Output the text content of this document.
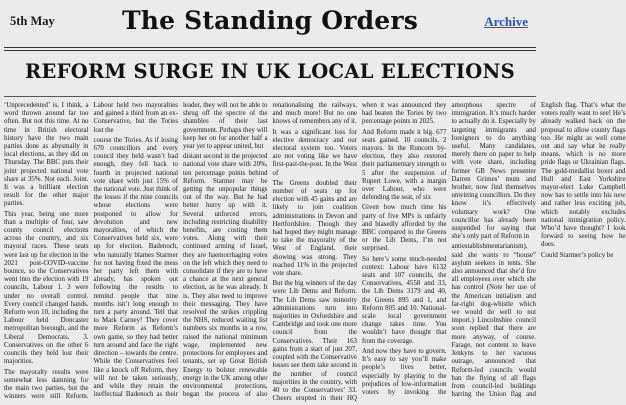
5th May	The Standing Orders	Archive
REFORM SURGE IN UK LOCAL ELECTIONS

‘Unprecedented’ is, I think, a word thrown around far too often. But not this time. At no time in British electoral history have the two main parties done as abysmally in local elections, as they did on Thursday. The BBC puts their joint projected national vote share at 35%. Not each. Joint. It was a brilliant election result for the other major parties.

This year, being one more than a multiple of four, saw county council elections across the country, and six mayoral races. These seats were last up for election in the 2021 post-COVID-vaccine bounce, so the Conservatives went into the election with 19 councils, Labour 1. 3 were under no overall control. Every council changed hands. Reform won 10, including the Labour held Doncaster metropolitan borough, and the Liberal Democrats, 3. Conservatives on the other 6 councils they held lost their majorities.

The mayoralty results were somewhat less damning for the main two parties, but the winners were still Reform. Labour held two mayoralties and gained a third from an ex-Conservative, but the Tories lost the

course the Tories. As if losing 670 councillors and every council they held wasn’t bad enough, they fell back to fourth in projected national vote share with just 15% of the national vote. Just think of the losses if the nine councils whose elections were postponed to allow for devolution and new mayoralties, of which the Conservatives held six, were up for election. Badenoch, who naturally blames Starmer for not having fixed the mess her party left them with already, has spoken out following the results to remind people that nine months isn’t long enough to turn a party around. Tell that to Mark Carney! They cover more Reform as Reform’s own game, so they had better turn around and face the right direction – towards the centre. While the Conservatives feel like a knock off Reform, they will not be taken seriously, and while they retain the ineffectual Badenoch as their leader, they will not be able to shrug off the spectre of the shambles of their last government. Perhaps they will keep her on for another half a year yet to appear united, but

distant second in the projected national vote share with 20%, ten percentage points behind Reform. Starmer may be getting the unpopular things out of the way. But he had better hurry up with it. Several unforced errors, including restricting disability benefits, are costing them votes. Along with their continued arming of Israel, they are haemorrhaging votes on the left which they need to consolidate if they are to have a chance at the next general election, as he was already. It is. They also need to improve their messaging. They have resolved the strikes crippling the NHS, reduced waiting list numbers six months in a row, raised the national minimum wage, implemented new protections for employees and tenants, set up Great British Energy to bolster renewable energy in the UK among other environmental protections, began the process of also renationalising the railways, and much more! But no one knows of remembers any of it.

It was a significant loss for elective democracy and our electoral system too. Voters are not voting like we have first-past-the-post. In the West of

The Greens doubled their number of seats up for election with 45 gains and are likely to join coalition administrations in Devon and Hertfordshire. Though they had hoped they might manage to take the mayoralty of the West of England, their showing was strong. They reached 11% in the projected vote share.

But the big winners of the day were Lib Dems and Reform. The Lib Dems saw minority administrations turn into majorities in Oxfordshire and Cambridge and took one more council from the Conservatives. Their 163 gains from a start of just 207, coupled with the Conservative losses see them take second in the number of council majorities in the country, with 40 to the Conservatives’ 33. Cheers erupted in their HQ when it was announced they had beaten the Tories by two percentage points in 2025.

And Reform made it big. 677 seats gained. 10 councils. 2 mayors. In the Runcorn by-election, they also restored their parliamentary strength to 5 after the suspension of Rupert Lowe, with a margin over Labour, who were defending the seat, of six

Given how much time his party of five MPs is unfairly and biasedly afforded by the BBC compared to the Greens or the Lib Dems, I’m not surprised.

So here’s some much-needed context: Labour have 6132 seats and 107 councils, the Conservatives, 4558 and 33, the Lib Dems 3179 and 40, the Greens 895 and 1, and Reform 805 and 10. National-scale local government change takes time. You wouldn’t have thought that from the coverage.

And now they have to govern. It’s easy to say you’ll make people’s lives better, especially by playing to the prejudices of low-information voters by invoking the amorphous spectre of immigration. It’s much harder to actually do it. Especially by targeting immigrants and foreigners to do anything useful. Many candidates, merely there on paper to help with vote share, including former GB News presenter Darren Grimes’ mum and brother, now find themselves unwitting councillors. Do they know it’s effectively voluntary work? One councillor has already been suspended for saying that she’s only part of Reform in

antiestablishmentarianism), said she wants to “house” asylum seekers in tents. She also announced that she’d fire all employees over which she has control (Note her use of the American initialism and far-right dog-whistle which we would do well to not import.) Lincolnshire council soon replied that there are more anyway, of course. Farage, not content to leave Jenkyns to her vacuous outrage, announced that Reform-led councils would ban the flying of all flags from council-led buildings barring the Union flag and English flag. That’s what the voters really want to see! He’s already walked back on the proposal to allow county flags too. He might as well come out and say what he really means, which is no more pride flags or Ukrainian flags. The gold-medallist boxer and Hull and East Yorkshire mayor-elect Luke Campbell now has to settle into his new and rather less exciting job, which notably excludes national immigration policy. Who’d have thought? I look forward to seeing how he does.

Could Starmer’s policy be
